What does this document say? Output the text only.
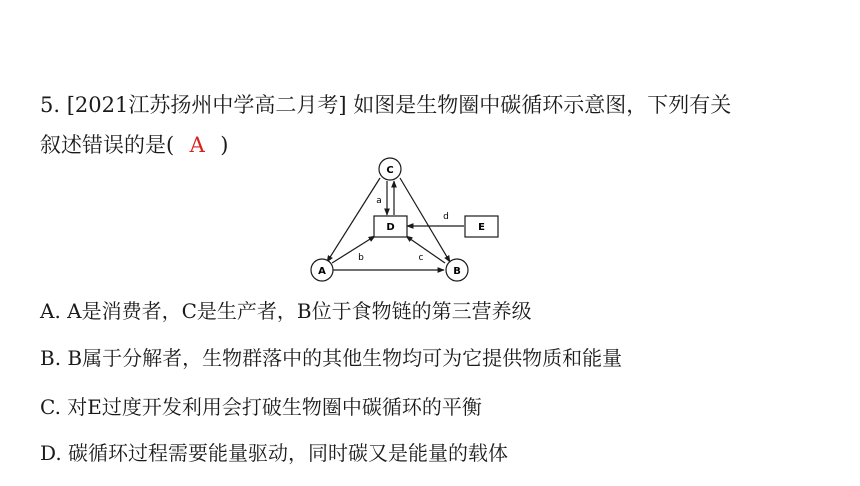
5. [2021江苏扬州中学高二月考] 如图是生物圈中碳循环示意图，下列有关
叙述错误的是( A )
C
D	E
A	B
a
b	c
d
A. A是消费者，C是生产者，B位于食物链的第三营养级
B. B属于分解者，生物群落中的其他生物均可为它提供物质和能量
C. 对E过度开发利用会打破生物圈中碳循环的平衡
D. 碳循环过程需要能量驱动，同时碳又是能量的载体
